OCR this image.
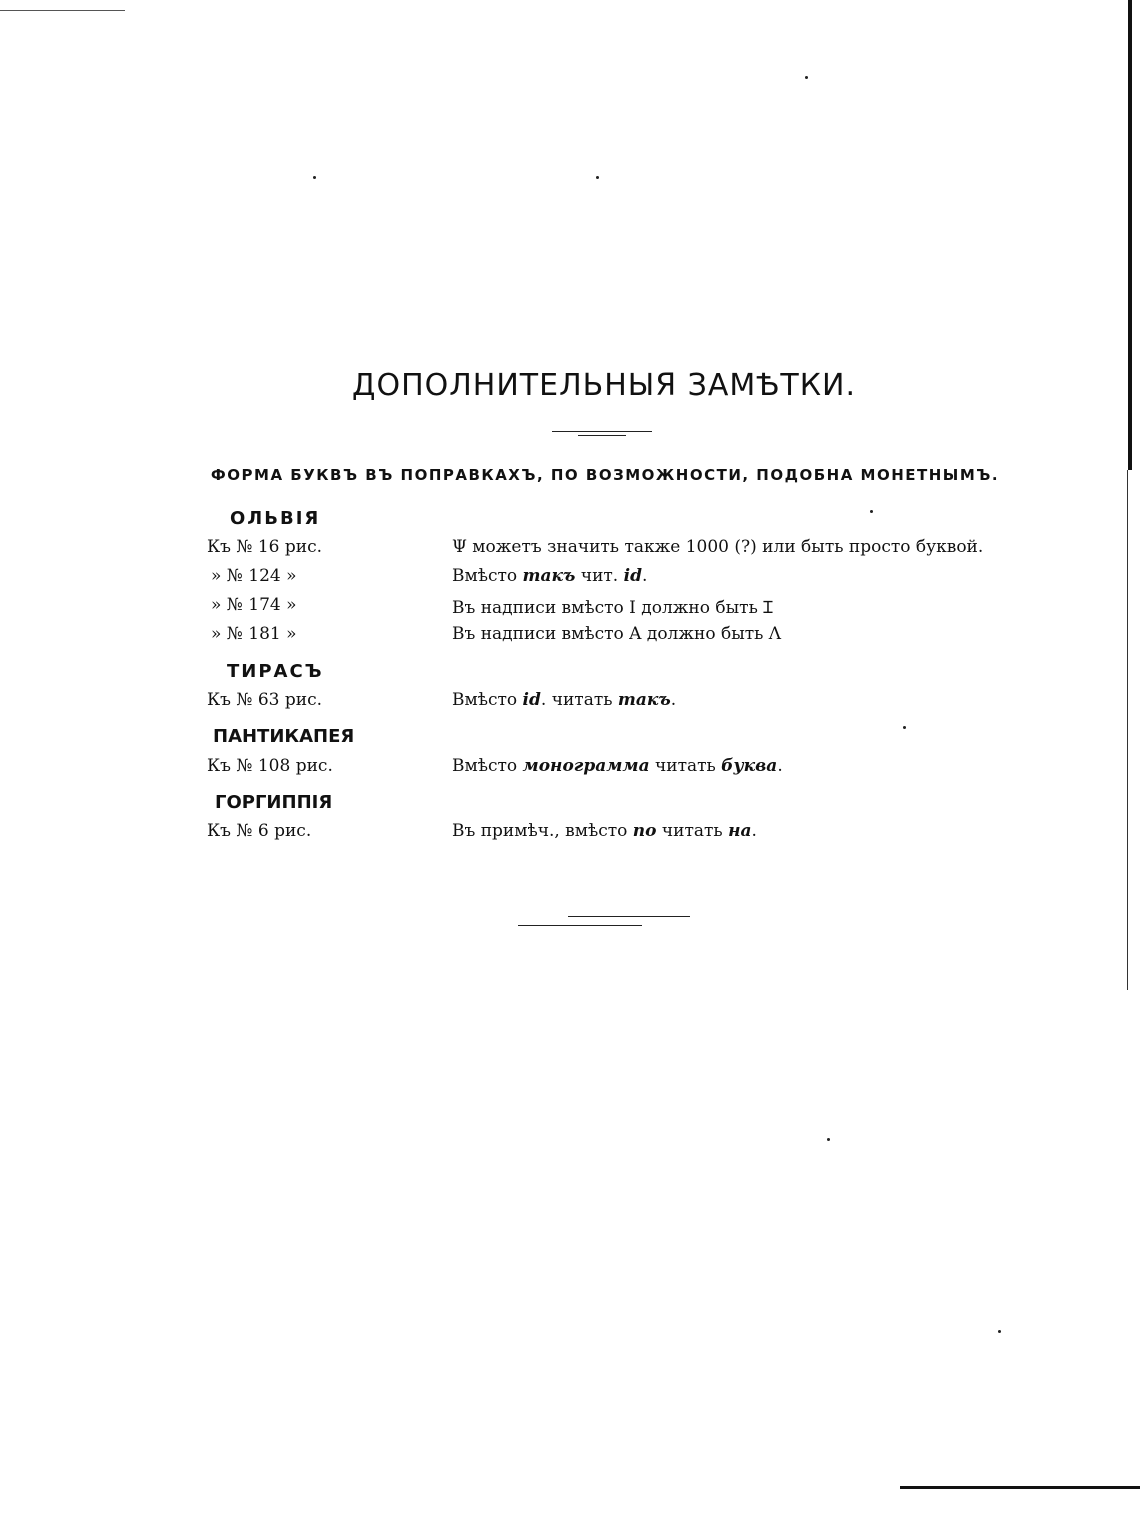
ДОПОЛНИТЕЛЬНЫЯ ЗАМѢТКИ.
ФОРМА БУКВЪ ВЪ ПОПРАВКАХЪ, ПО ВОЗМОЖНОСТИ, ПОДОБНА МОНЕТНЫМЪ.
ОЛЬВІЯ
Къ № 16 рис.	Ψ можетъ значить также 1000 (?) или быть просто буквой.
» № 124 »	Вмѣсто такъ чит. id.
» № 174 »	Въ надписи вмѣсто Ι должно быть Ɪ
» № 181 »	Въ надписи вмѣсто Α должно быть Λ
ТИРАСЪ
Къ № 63 рис.	Вмѣсто id. читать такъ.
ПАНТИКАПЕЯ
Къ № 108 рис.	Вмѣсто монограмма читать буква.
ГОРГИППІЯ
Къ № 6 рис.	Въ примѣч., вмѣсто по читать на.
